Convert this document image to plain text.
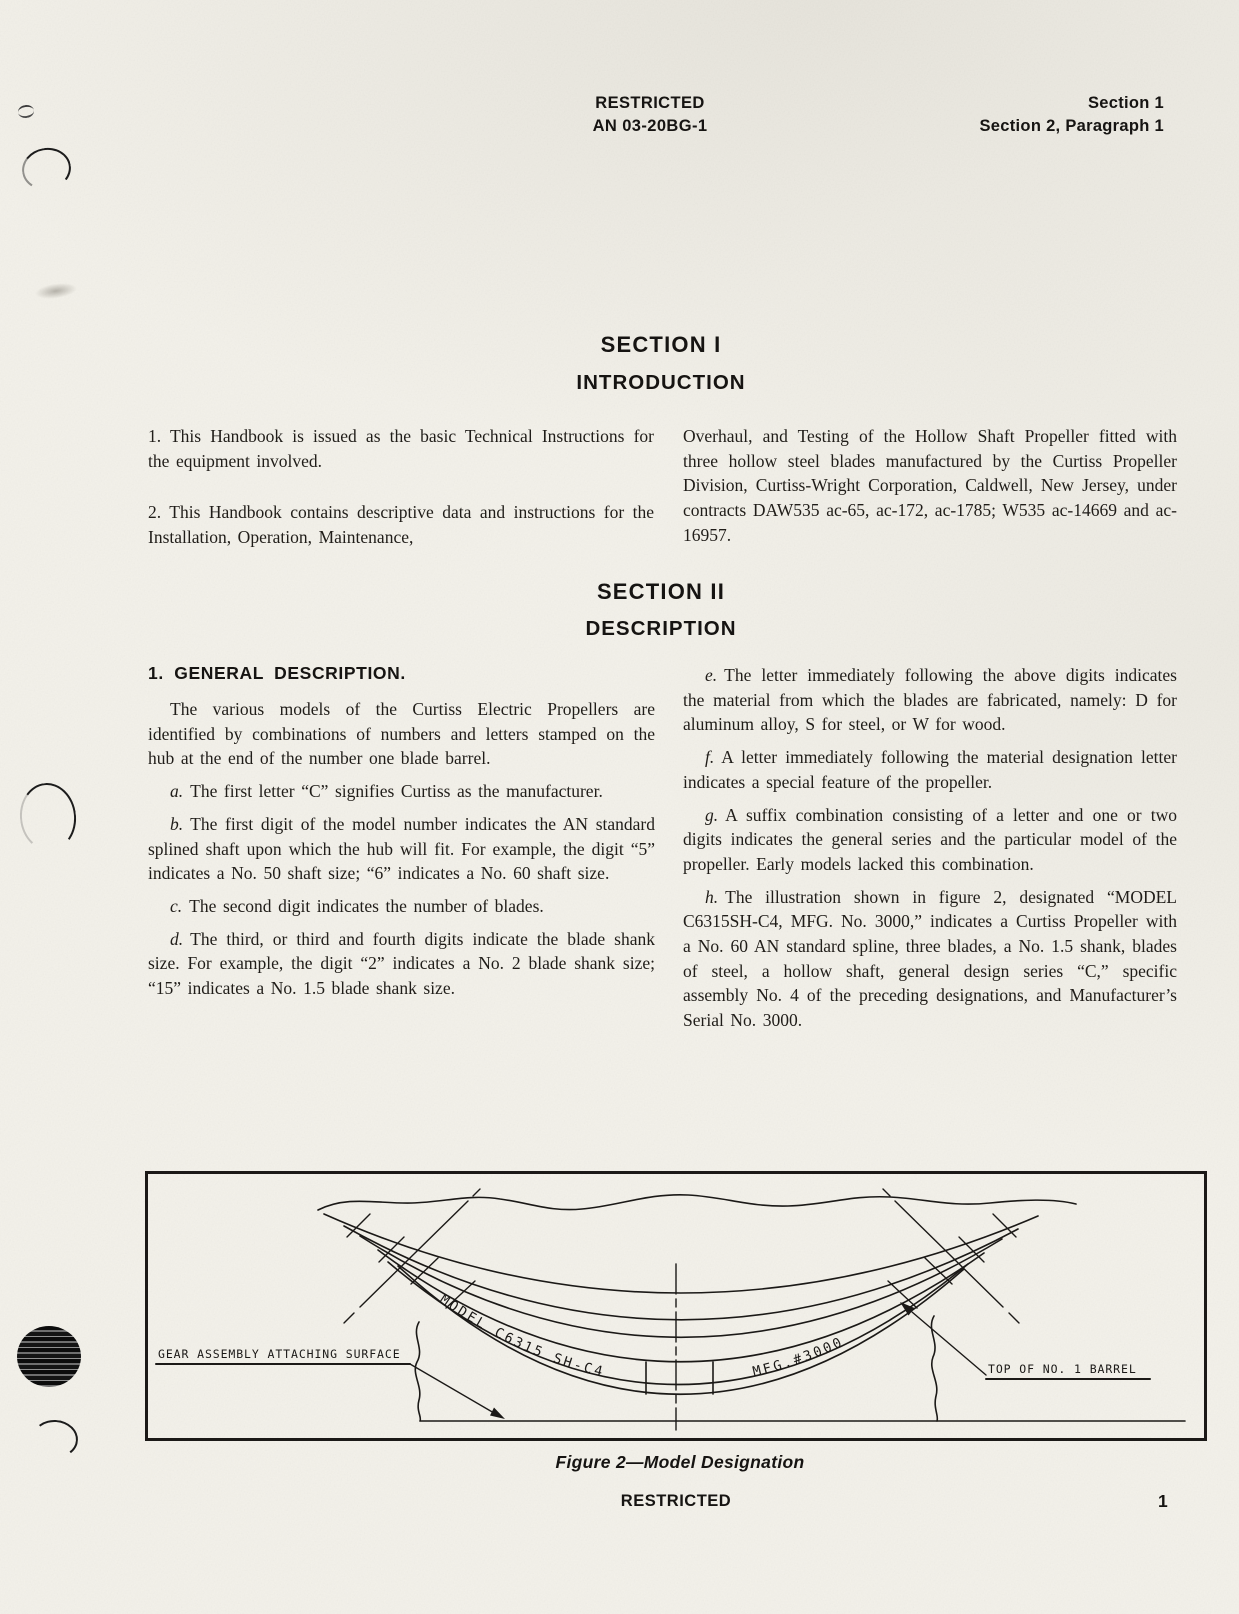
RESTRICTED
AN 03-20BG-1
Section 1
Section 2, Paragraph 1
SECTION I
INTRODUCTION

1. This Handbook is issued as the basic Technical Instructions for the equipment involved.

2. This Handbook contains descriptive data and instructions for the Installation, Operation, Maintenance,

Overhaul, and Testing of the Hollow Shaft Propeller fitted with three hollow steel blades manufactured by the Curtiss Propeller Division, Curtiss-Wright Corporation, Caldwell, New Jersey, under contracts DAW535 ac-65, ac-172, ac-1785; W535 ac-14669 and ac-16957.

SECTION II
DESCRIPTION
1. GENERAL DESCRIPTION.

The various models of the Curtiss Electric Propellers are identified by combinations of numbers and letters stamped on the hub at the end of the number one blade barrel.

a. The first letter “C” signifies Curtiss as the manufacturer.

b. The first digit of the model number indicates the AN standard splined shaft upon which the hub will fit. For example, the digit “5” indicates a No. 50 shaft size; “6” indicates a No. 60 shaft size.

c. The second digit indicates the number of blades.

d. The third, or third and fourth digits indicate the blade shank size. For example, the digit “2” indicates a No. 2 blade shank size; “15” indicates a No. 1.5 blade shank size.

e. The letter immediately following the above digits indicates the material from which the blades are fabricated, namely: D for aluminum alloy, S for steel, or W for wood.

f. A letter immediately following the material designation letter indicates a special feature of the propeller.

g. A suffix combination consisting of a letter and one or two digits indicates the general series and the particular model of the propeller. Early models lacked this combination.

h. The illustration shown in figure 2, designated “MODEL C6315SH-C4, MFG. No. 3000,” indicates a Curtiss Propeller with a No. 60 AN standard spline, three blades, a No. 1.5 shank, blades of steel, a hollow shaft, general design series “C,” specific assembly No. 4 of the preceding designations, and Manufacturer’s Serial No. 3000.

MODEL C6315 SH-C4	MFG.#3000
GEAR ASSEMBLY ATTACHING SURFACE
TOP OF NO. 1 BARREL
Figure 2—Model Designation
RESTRICTED	1
